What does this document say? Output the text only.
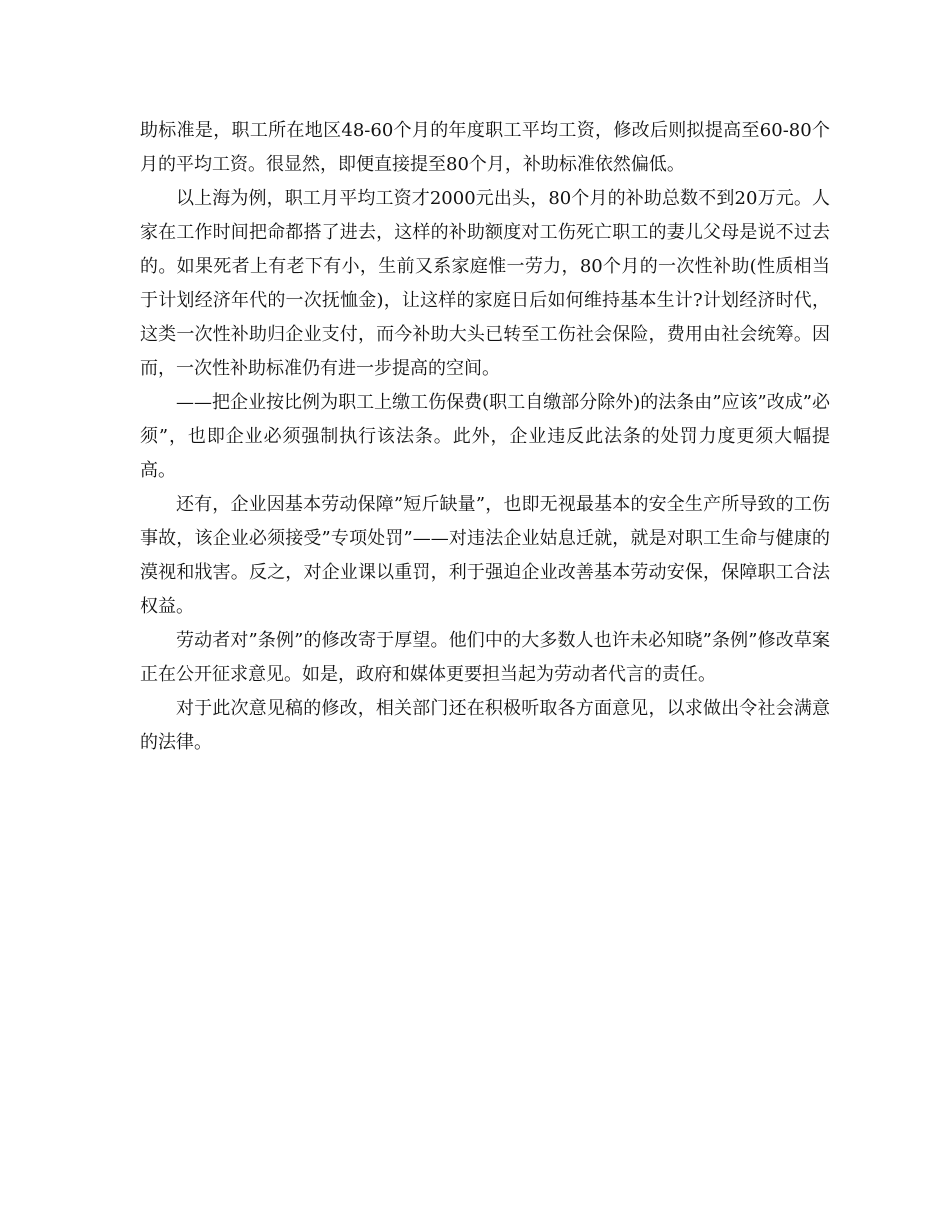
助标准是，职工所在地区48-60个月的年度职工平均工资，修改后则拟提高至60-80个月的平均工资。很显然，即便直接提至80个月，补助标准依然偏低。

以上海为例，职工月平均工资才2000元出头，80个月的补助总数不到20万元。人家在工作时间把命都搭了进去，这样的补助额度对工伤死亡职工的妻儿父母是说不过去的。如果死者上有老下有小，生前又系家庭惟一劳力，80个月的一次性补助(性质相当于计划经济年代的一次抚恤金)，让这样的家庭日后如何维持基本生计?计划经济时代，这类一次性补助归企业支付，而今补助大头已转至工伤社会保险，费用由社会统筹。因而，一次性补助标准仍有进一步提高的空间。

——把企业按比例为职工上缴工伤保费(职工自缴部分除外)的法条由”应该”改成”必须”，也即企业必须强制执行该法条。此外，企业违反此法条的处罚力度更须大幅提高。

还有，企业因基本劳动保障”短斤缺量”，也即无视最基本的安全生产所导致的工伤事故，该企业必须接受”专项处罚”——对违法企业姑息迁就，就是对职工生命与健康的漠视和戕害。反之，对企业课以重罚，利于强迫企业改善基本劳动安保，保障职工合法权益。

劳动者对”条例”的修改寄于厚望。他们中的大多数人也许未必知晓”条例”修改草案正在公开征求意见。如是，政府和媒体更要担当起为劳动者代言的责任。

对于此次意见稿的修改，相关部门还在积极听取各方面意见，以求做出令社会满意的法律。
